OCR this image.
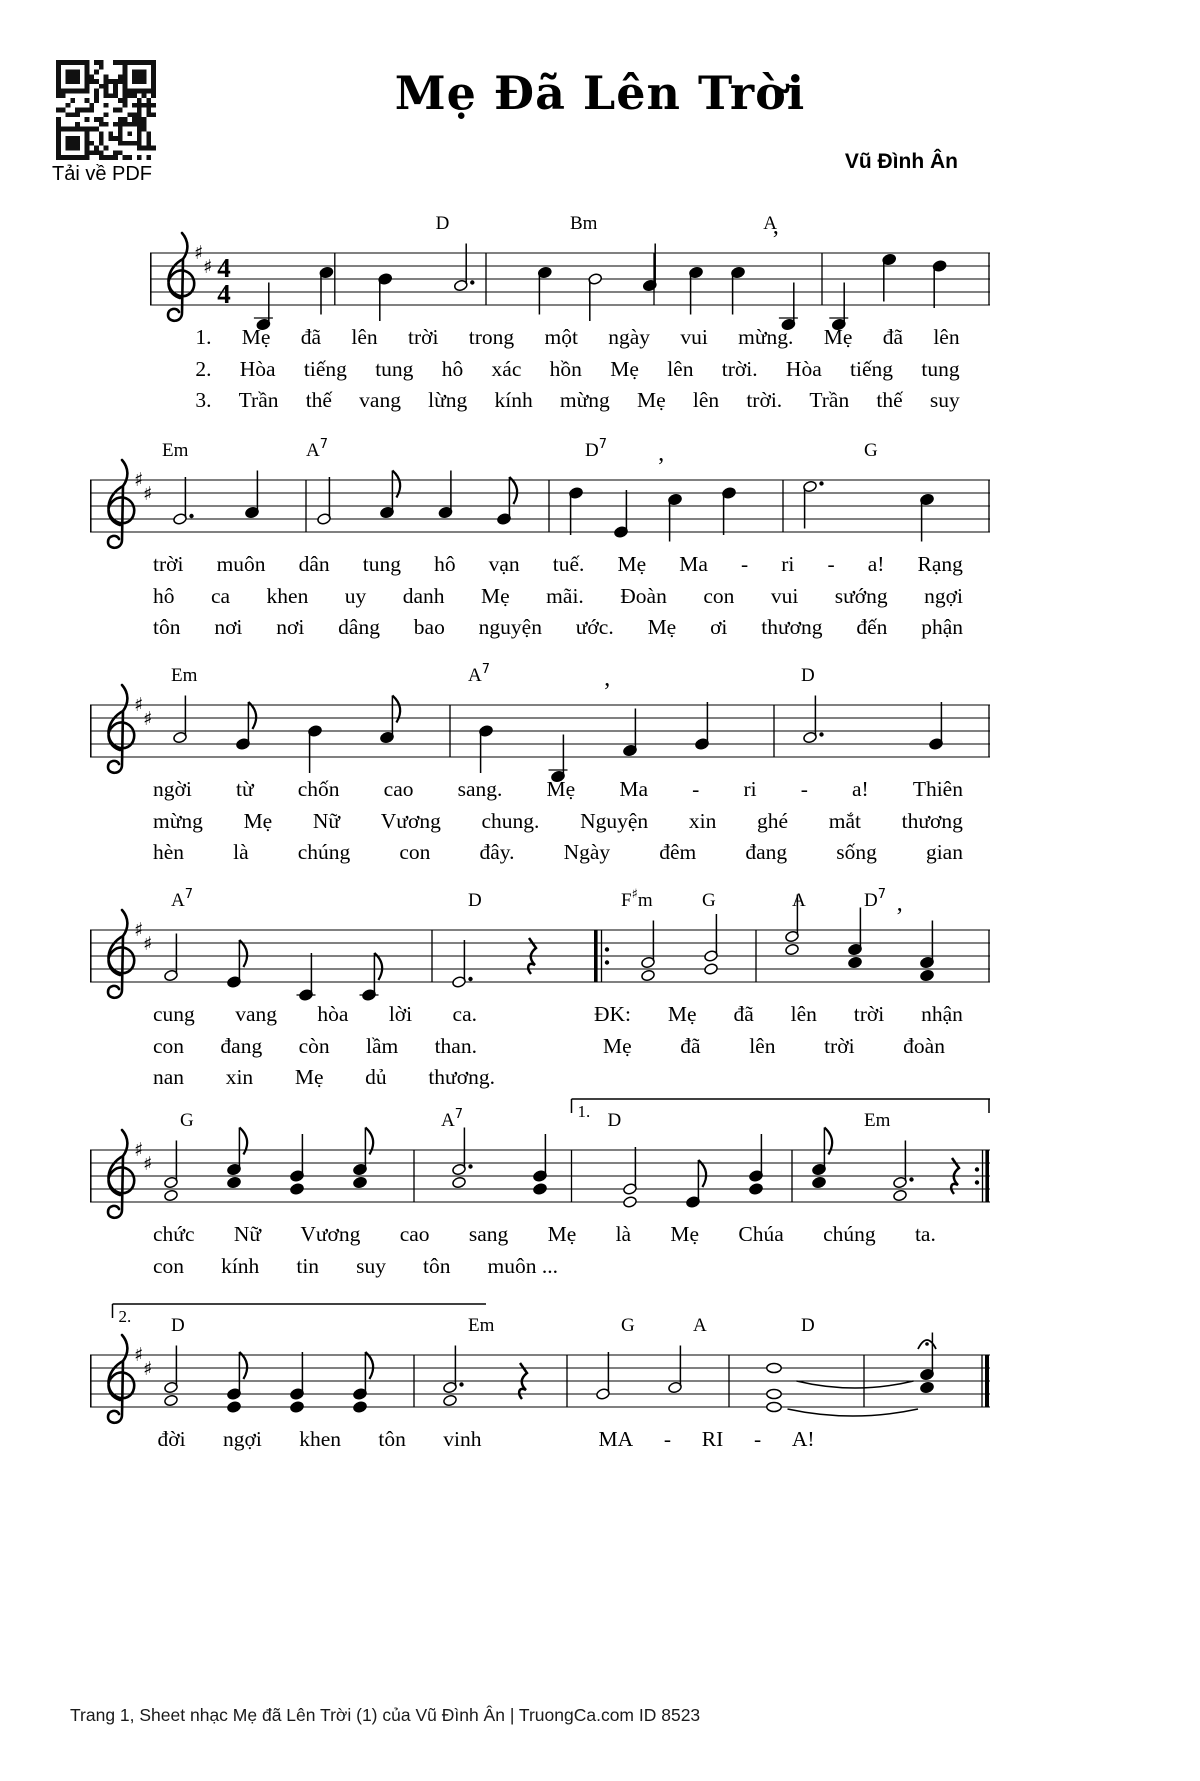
Tải về PDF
Mẹ Đã Lên Trời
Vũ Đình Ân
♯
♯ 4
4
D	Bm	A
’
1. Mẹ đã lên trời trong một ngày vui mừng. Mẹ đã lên
2. Hòa tiếng tung hô xác hồn Mẹ lên trời. Hòa tiếng tung
3. Trần thế vang lừng kính mừng Mẹ lên trời. Trần thế suy
♯
♯
Em	$A^7$	$D^7$	G
’
trời muôn dân tung hô vạn tuế. Mẹ Ma - ri - a! Rạng
hô ca khen uy danh Mẹ mãi. Đoàn con vui sướng ngợi
tôn nơi nơi dâng bao nguyện ước. Mẹ ơi thương đến phận
♯
♯
Em	$A^7$	D
’
ngời từ chốn cao sang. Mẹ Ma - ri - a! Thiên
mừng Mẹ Nữ Vương chung. Nguyện xin ghé mắt thương
hèn là chúng con đây. Ngày đêm đang sống gian
♯
♯
$A^7$	D	F♯m	G	A	$D^7$
’
cung vang hòa lời ca.	ĐK: Mẹ đã lên trời nhận
con đang còn lầm than.	Mẹ đã lên trời đoàn
nan xin Mẹ dủ thương.
1.
♯
♯
G	$A^7$	D	Em
chức Nữ Vương cao sang Mẹ là Mẹ Chúa chúng ta.
con kính tin suy tôn muôn ...
2.
♯
♯
D	Em	G	A	D
đời ngợi khen tôn vinh	MA - RI - A!
Trang 1, Sheet nhạc Mẹ đã Lên Trời (1) của Vũ Đình Ân | TruongCa.com ID 8523
